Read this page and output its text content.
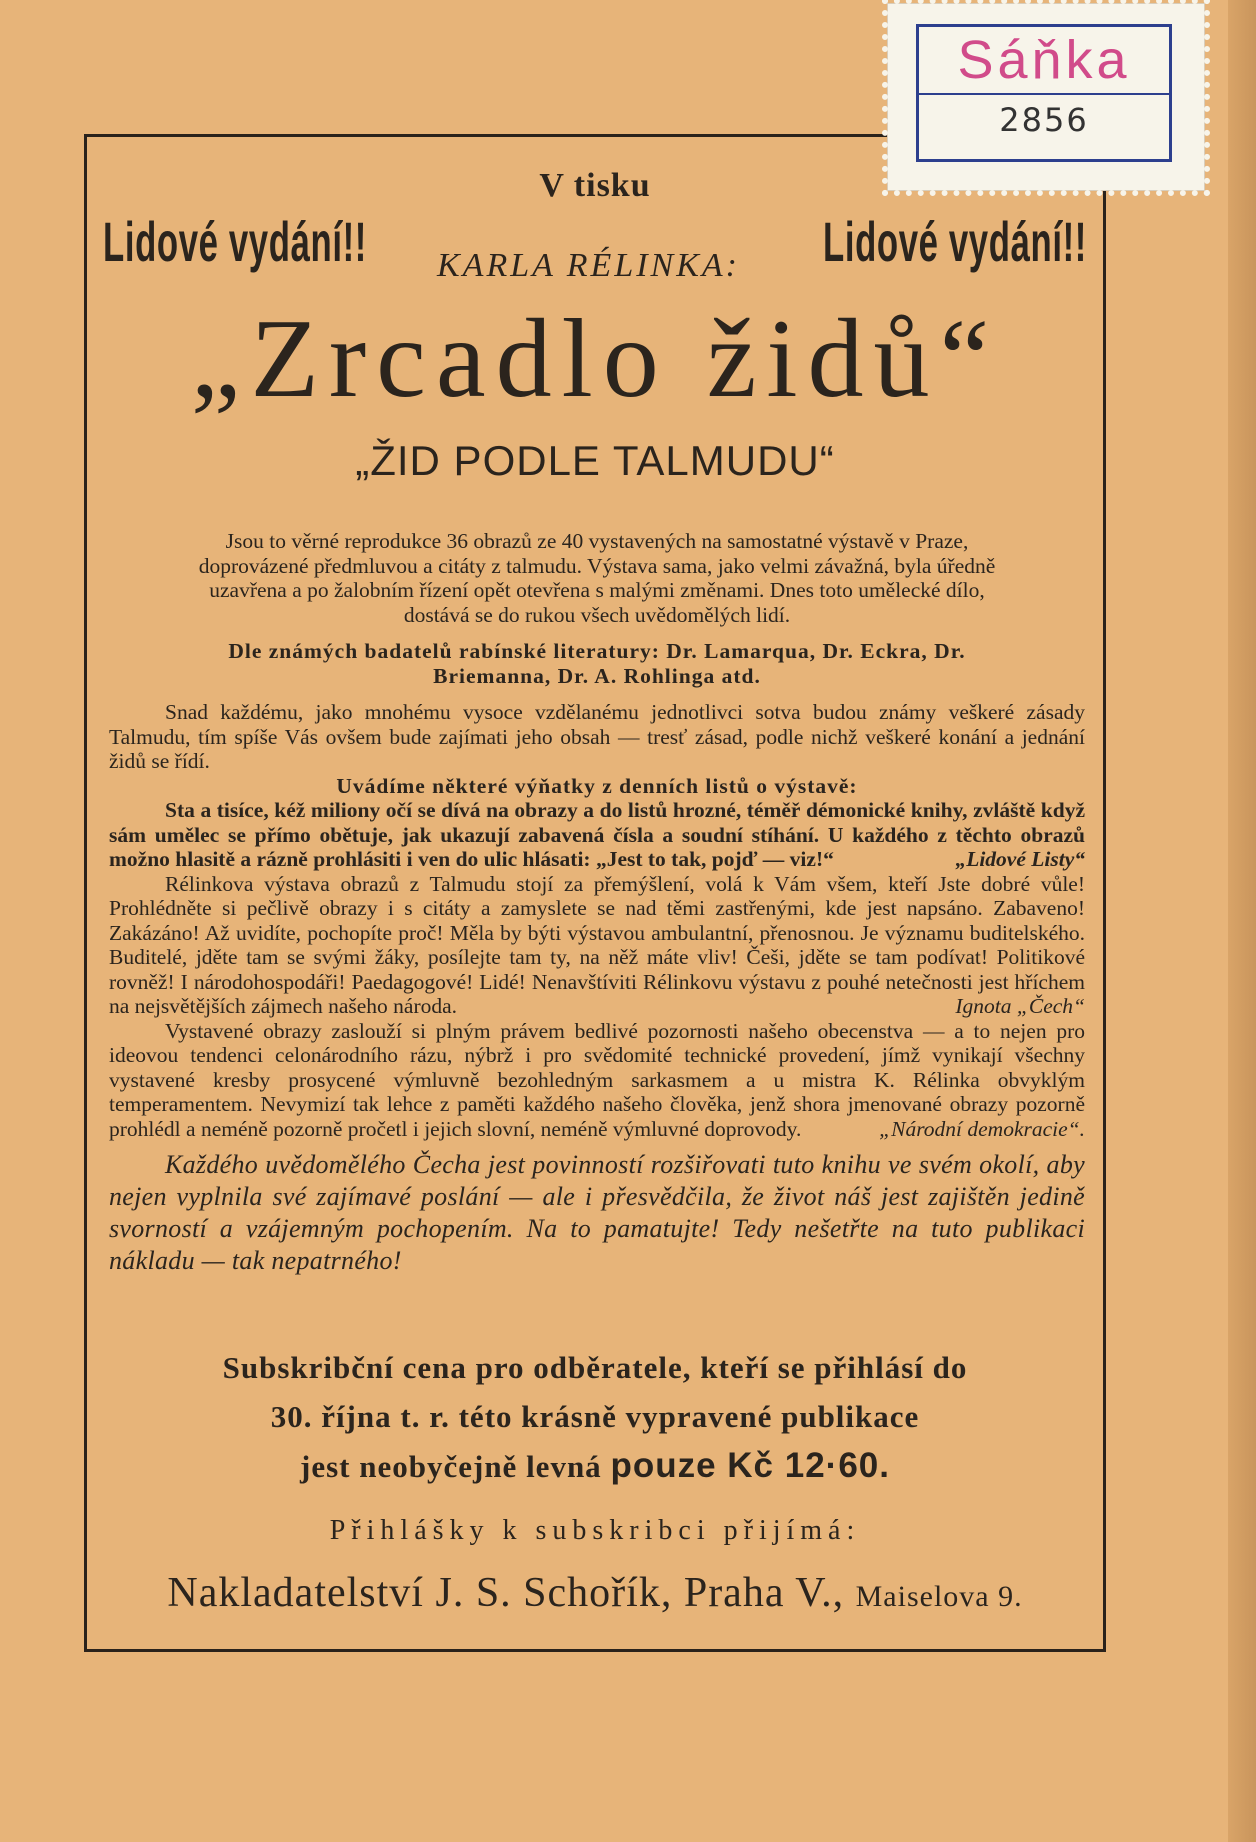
V tisku

Lidové vydání!! KARLA RÉLINKA: Lidové vydání!!

„Zrcadlo židů“

„ŽID PODLE TALMUDU“

Jsou to věrné reprodukce 36 obrazů ze 40 vystavených na samostatné výstavě v Praze, doprovázené předmluvou a citáty z talmudu. Výstava sama, jako velmi závažná, byla úředně uzavřena a po žalobním řízení opět otevřena s malými změnami. Dnes toto umělecké dílo, dostává se do rukou všech uvědomělých lidí.

Dle známých badatelů rabínské literatury: Dr. Lamarqua, Dr. Eckra, Dr. Briemanna, Dr. A. Rohlinga atd.

Snad každému, jako mnohému vysoce vzdělanému jednotlivci sotva budou známy veškeré zásady Talmudu, tím spíše Vás ovšem bude zajímati jeho obsah — tresť zásad, podle nichž veškeré konání a jednání židů se řídí.

Uvádíme některé výňatky z denních listů o výstavě:

Sta a tisíce, kéž miliony očí se dívá na obrazy a do listů hrozné, téměř démonické knihy, zvláště když sám umělec se přímo obětuje, jak ukazují zabavená čísla a soudní stíhání. U každého z těchto obrazů možno hlasitě a rázně prohlásiti i ven do ulic hlásati: „Jest to tak, pojď — viz!“	„Lidové Listy“

Rélinkova výstava obrazů z Talmudu stojí za přemýšlení, volá k Vám všem, kteří Jste dobré vůle! Prohlédněte si pečlivě obrazy i s citáty a zamyslete se nad těmi zastřenými, kde jest napsáno. Zabaveno! Zakázáno! Až uvidíte, pochopíte proč! Měla by býti výstavou ambulantní, přenosnou. Je významu buditelského. Buditelé, jděte tam se svými žáky, posílejte tam ty, na něž máte vliv! Češi, jděte se tam podívat! Politikové rovněž! I národohospodáři! Paedagogové! Lidé! Nenavštíviti Rélinkovu výstavu z pouhé netečnosti jest hříchem na nejsvětějších zájmech našeho národa.	Ignota „Čech“

Vystavené obrazy zaslouží si plným právem bedlivé pozornosti našeho obecenstva — a to nejen pro ideovou tendenci celonárodního rázu, nýbrž i pro svědomité technické provedení, jímž vynikají všechny vystavené kresby prosycené výmluvně bezohledným sarkasmem a u mistra K. Rélinka obvyklým temperamentem. Nevymizí tak lehce z paměti každého našeho člověka, jenž shora jmenované obrazy pozorně prohlédl a neméně pozorně pročetl i jejich slovní, neméně výmluvné doprovody.	„Národní demokracie“.

Každého uvědomělého Čecha jest povinností rozšiřovati tuto knihu ve svém okolí, aby nejen vyplnila své zajímavé poslání — ale i přesvědčila, že život náš jest zajištěn jedině svorností a vzájemným pochopením. Na to pamatujte! Tedy nešetřte na tuto publikaci nákladu — tak nepatrného!

Subskribční cena pro odběratele, kteří se přihlásí do
30. října t. r. této krásně vypravené publikace
jest neobyčejně levná pouze Kč 12·60.

Přihlášky k subskribci přijímá:

Nakladatelství J. S. Schořík, Praha V., Maiselova 9.

Sáňka
2856
